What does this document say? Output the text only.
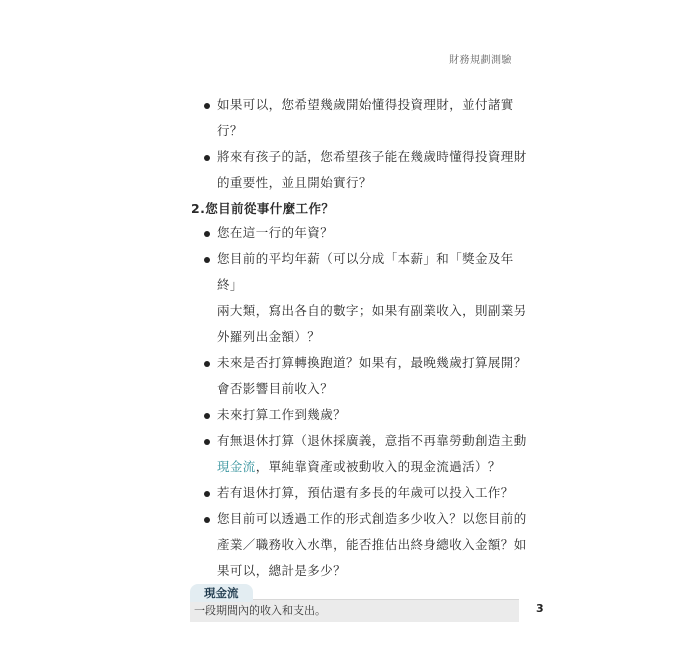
財務規劃測驗
如果可以，您希望幾歲開始懂得投資理財，並付諸實行？
將來有孩子的話，您希望孩子能在幾歲時懂得投資理財
的重要性，並且開始實行？
2.您目前從事什麼工作？
您在這一行的年資？
您目前的平均年薪（可以分成「本薪」和「獎金及年終」
兩大類，寫出各自的數字；如果有副業收入，則副業另
外羅列出金額）？
未來是否打算轉換跑道？如果有，最晚幾歲打算展開？
會否影響目前收入？
未來打算工作到幾歲？
有無退休打算（退休採廣義，意指不再靠勞動創造主動
現金流，單純靠資產或被動收入的現金流過活）？
若有退休打算，預估還有多長的年歲可以投入工作？
您目前可以透過工作的形式創造多少收入？以您目前的
產業／職務收入水準，能否推估出終身總收入金額？如
果可以，總計是多少？
一段期間內的收入和支出。
現金流
3
